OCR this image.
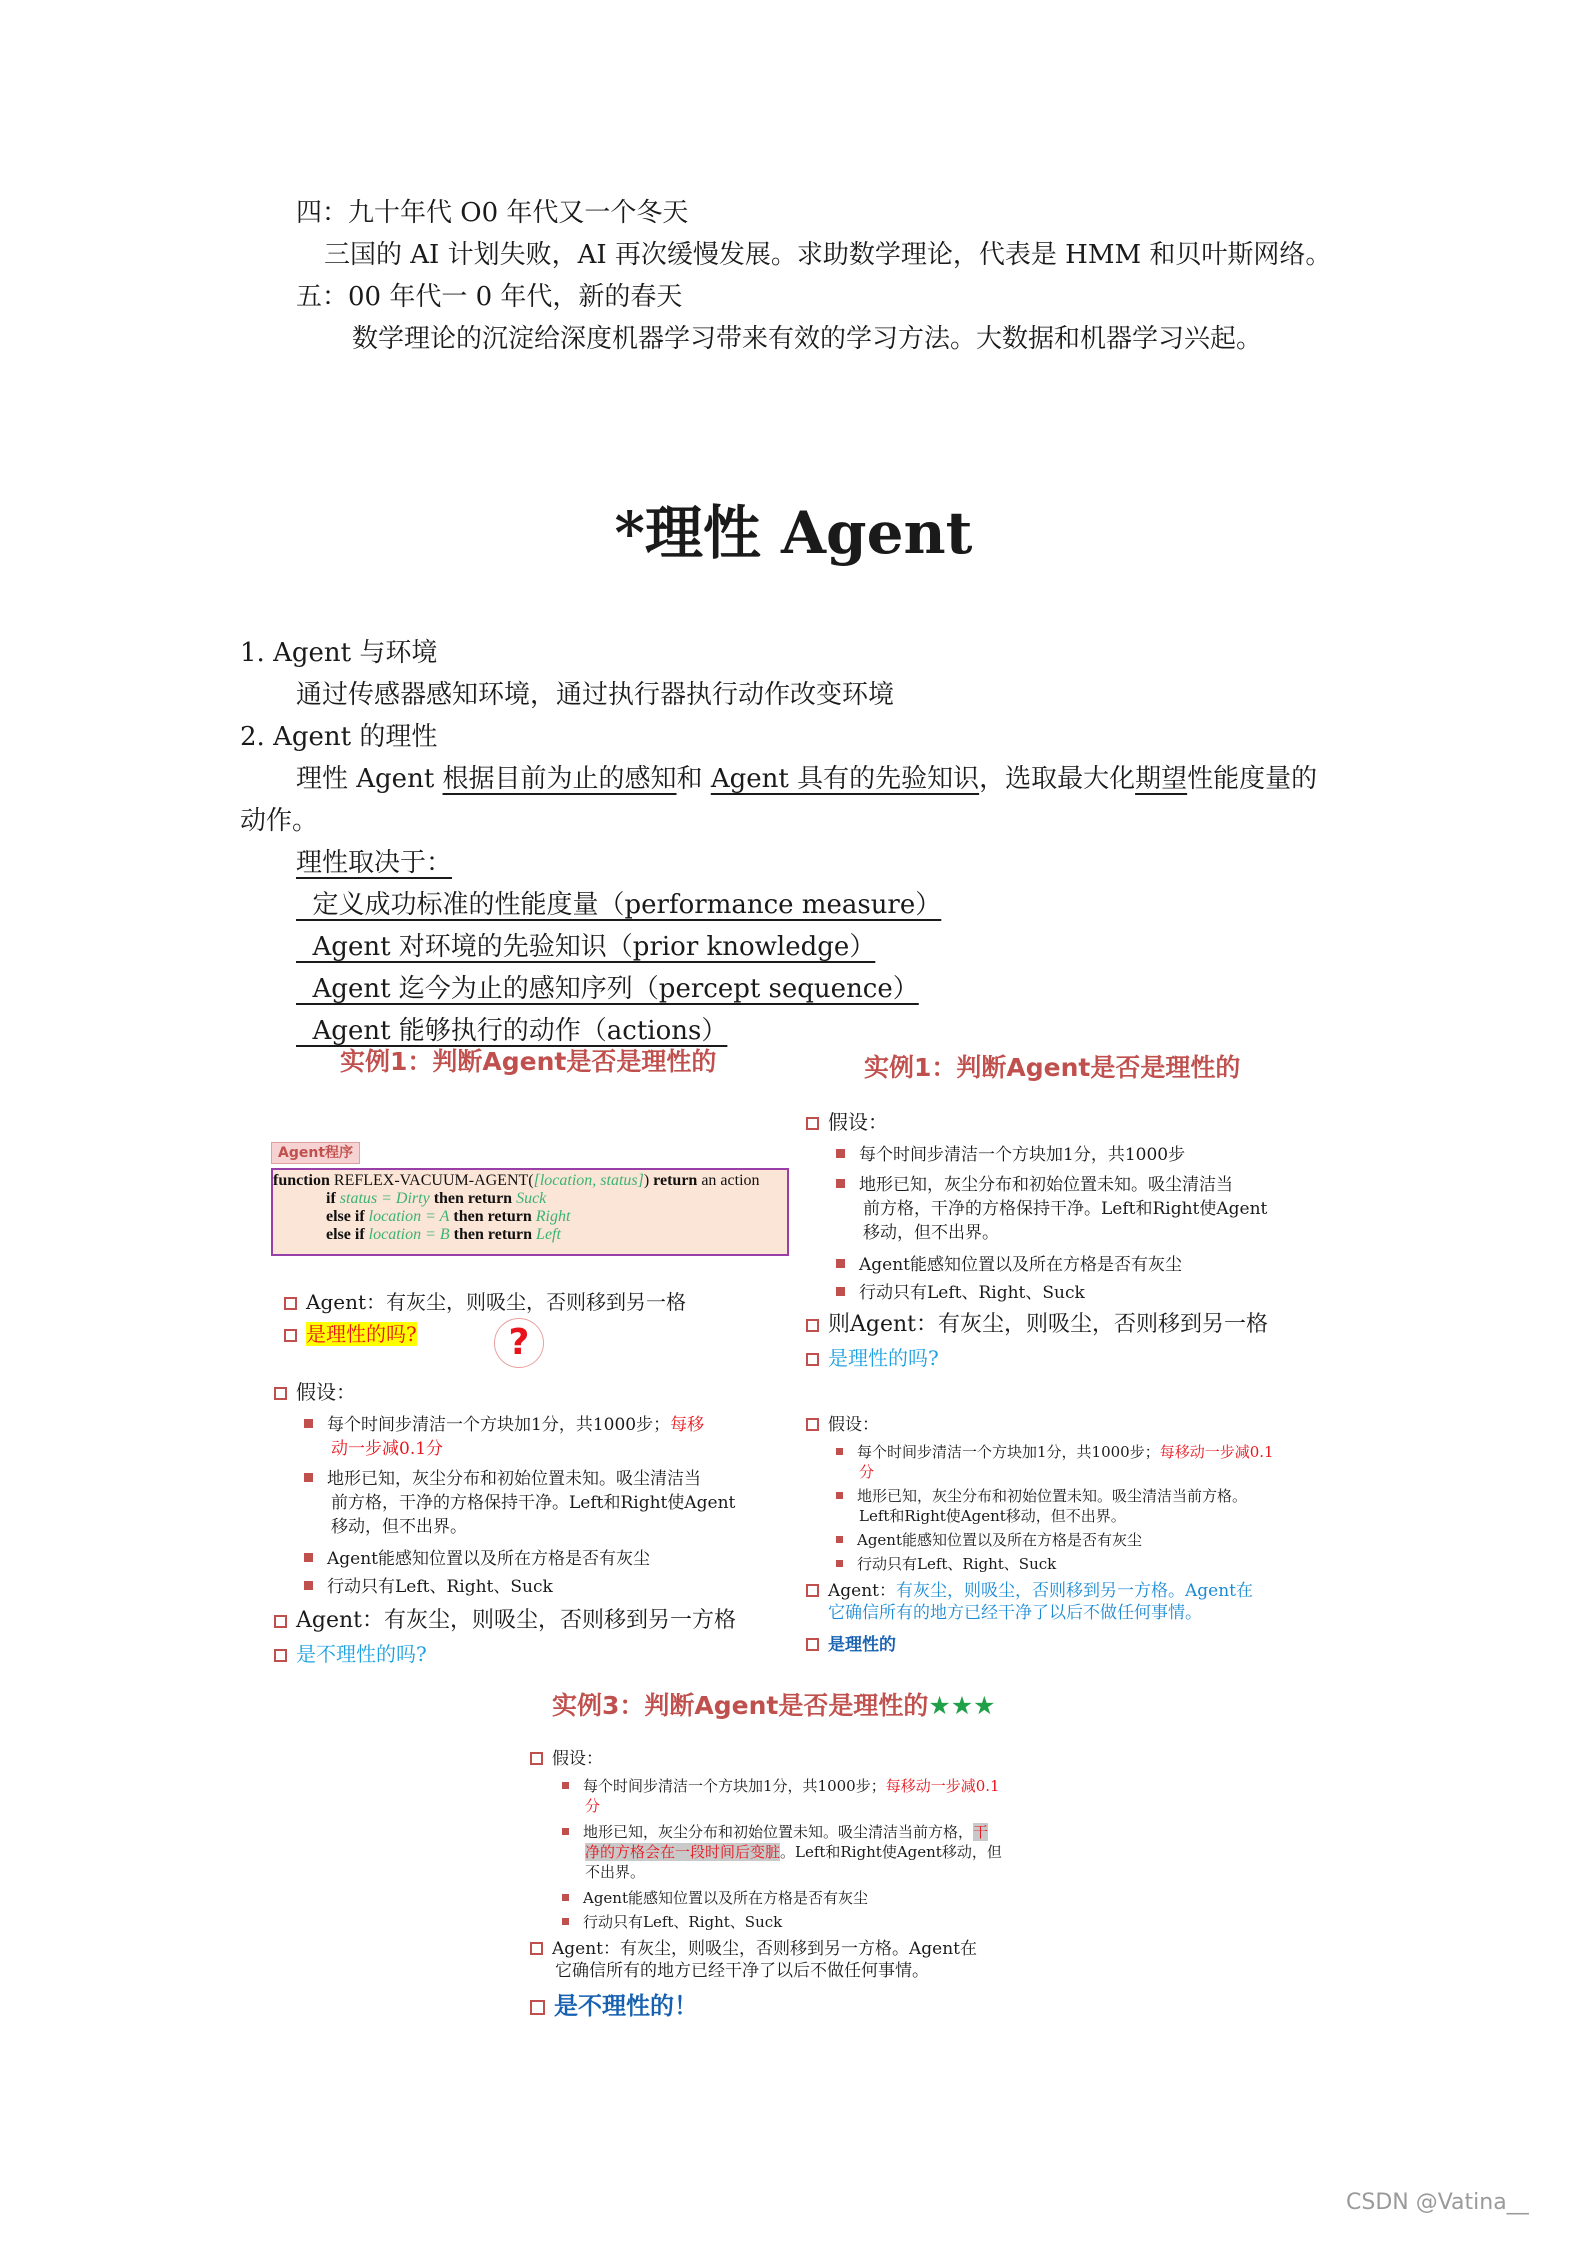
四：九十年代 O0 年代又一个冬天
三国的 AI 计划失败，AI 再次缓慢发展。求助数学理论，代表是 HMM 和贝叶斯网络。
五：00 年代一 0 年代，新的春天
数学理论的沉淀给深度机器学习带来有效的学习方法。大数据和机器学习兴起。
*理性 Agent
1. Agent 与环境
通过传感器感知环境，通过执行器执行动作改变环境
2. Agent 的理性
理性 Agent 根据目前为止的感知和 Agent 具有的先验知识，选取最大化期望性能度量的
动作。
理性取决于：
定义成功标准的性能度量（performance measure）
Agent 对环境的先验知识（prior knowledge）
Agent 迄今为止的感知序列（percept sequence）
Agent 能够执行的动作（actions）
实例1：判断Agent是否是理性的
Agent程序
function REFLEX-VACUUM-AGENT([location, status]) return an action
if status = Dirty then return Suck
else if location = A then return Right
else if location = B then return Left
Agent：有灰尘，则吸尘，否则移到另一格
是理性的吗?	?
假设：
每个时间步清洁一个方块加1分，共1000步；每移
动一步减0.1分
地形已知，灰尘分布和初始位置未知。吸尘清洁当
前方格，干净的方格保持干净。Left和Right使Agent
移动，但不出界。
Agent能感知位置以及所在方格是否有灰尘
行动只有Left、Right、Suck
Agent：有灰尘，则吸尘，否则移到另一方格
是不理性的吗?
实例1：判断Agent是否是理性的
假设：
每个时间步清洁一个方块加1分，共1000步
地形已知，灰尘分布和初始位置未知。吸尘清洁当
前方格，干净的方格保持干净。Left和Right使Agent
移动，但不出界。
Agent能感知位置以及所在方格是否有灰尘
行动只有Left、Right、Suck
则Agent：有灰尘，则吸尘，否则移到另一格
是理性的吗?
假设：
每个时间步清洁一个方块加1分，共1000步；每移动一步减0.1
分
地形已知，灰尘分布和初始位置未知。吸尘清洁当前方格。
Left和Right使Agent移动，但不出界。
Agent能感知位置以及所在方格是否有灰尘
行动只有Left、Right、Suck
Agent：有灰尘，则吸尘，否则移到另一方格。Agent在
它确信所有的地方已经干净了以后不做任何事情。
是理性的
实例3：判断Agent是否是理性的★★★
假设：
每个时间步清洁一个方块加1分，共1000步；每移动一步减0.1
分
地形已知，灰尘分布和初始位置未知。吸尘清洁当前方格，干
净的方格会在一段时间后变脏。Left和Right使Agent移动，但
不出界。
Agent能感知位置以及所在方格是否有灰尘
行动只有Left、Right、Suck
Agent：有灰尘，则吸尘，否则移到另一方格。Agent在
它确信所有的地方已经干净了以后不做任何事情。
是不理性的！
CSDN @Vatina__
